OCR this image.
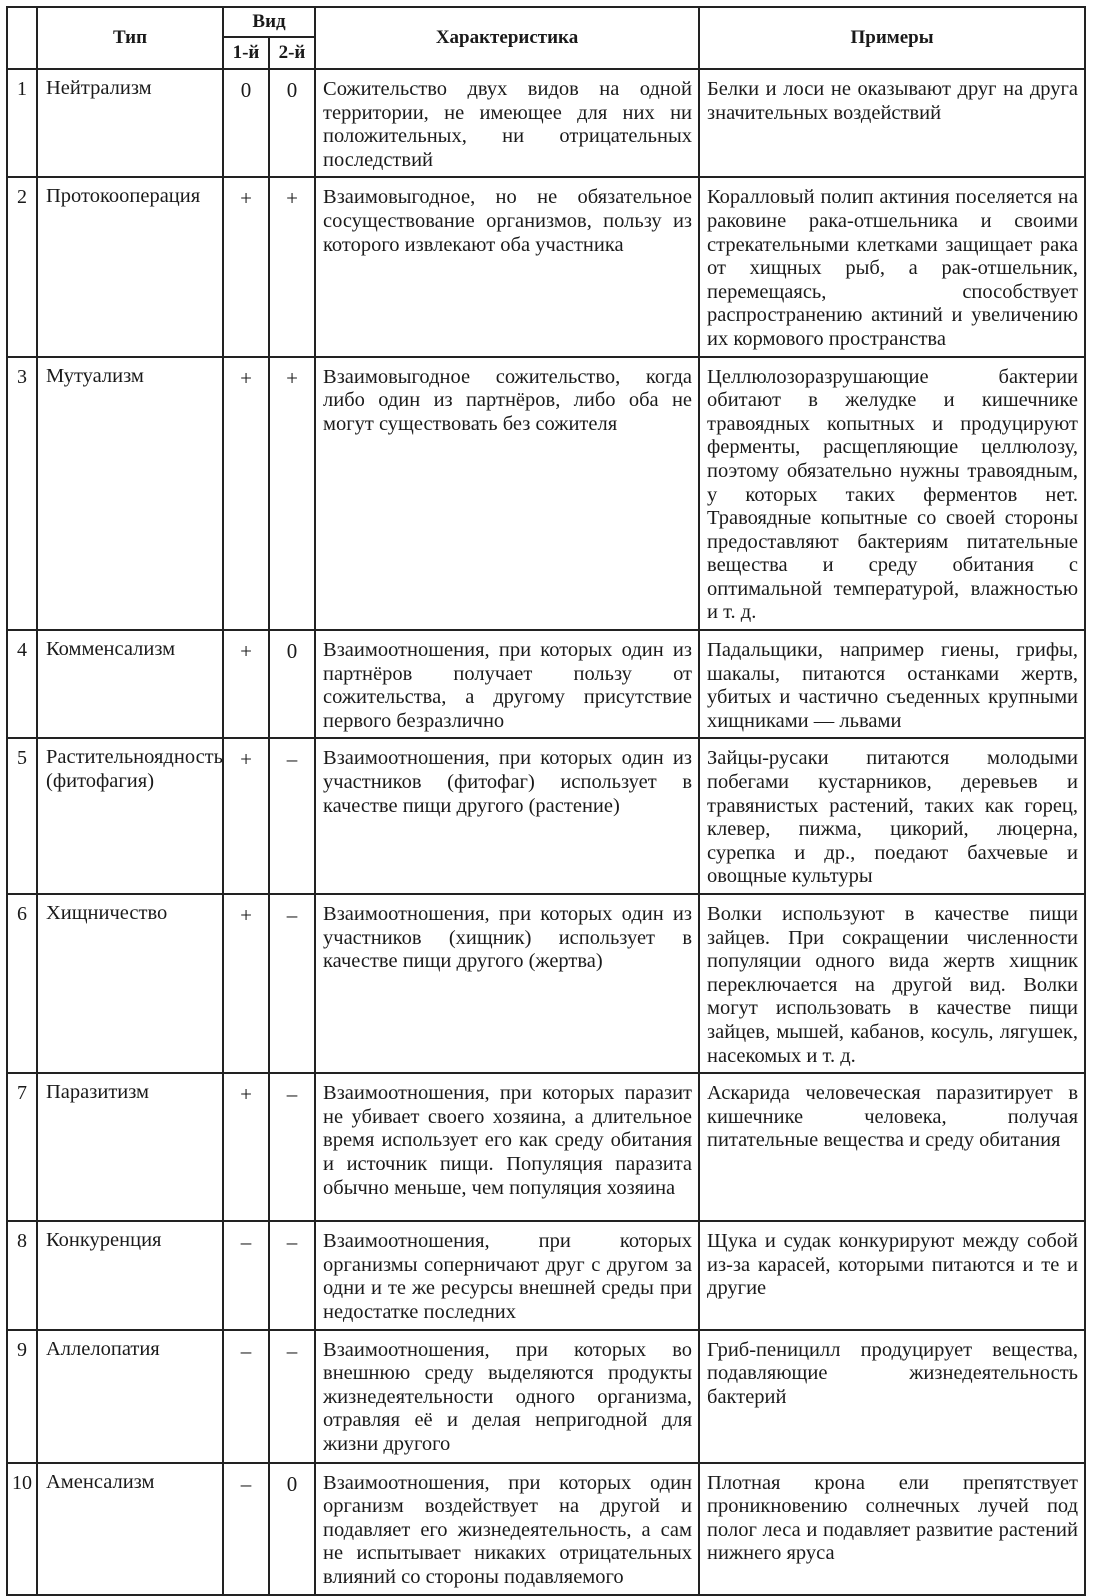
	Тип	Вид		Характеристика	Примеры
		1-й	2-й		
1	Нейтрализм	0	0	Сожительство двух видов на одной территории, не имеющее для них ни положительных, ни отрицательных последствий	Белки и лоси не оказывают друг на друга значительных воздействий
2	Протокооперация	+	+	Взаимовыгодное, но не обязательное сосуществование организмов, пользу из которого извлекают оба участника	Коралловый полип актиния поселяется на раковине рака-отшельника и своими стрекательными клетками защищает рака от хищных рыб, а рак-отшельник, перемещаясь, способствует распространению актиний и увеличению их кормового пространства
3	Мутуализм	+	+	Взаимовыгодное сожительство, когда либо один из партнёров, либо оба не могут существовать без сожителя	Целлюлозоразрушающие бактерии обитают в желудке и кишечнике травоядных копытных и продуцируют ферменты, расщепляющие целлюлозу, поэтому обязательно нужны травоядным, у которых таких ферментов нет. Травоядные копытные со своей стороны предоставляют бактериям питательные вещества и среду обитания с оптимальной температурой, влажностью и т. д.
4	Комменсализм	+	0	Взаимоотношения, при которых один из партнёров получает пользу от сожительства, а другому присутствие первого безразлично	Падальщики, например гиены, грифы, шакалы, питаются останками жертв, убитых и частично съеденных крупными хищниками — львами
5	Растительноядность (фитофагия)	+	–	Взаимоотношения, при которых один из участников (фитофаг) использует в качестве пищи другого (растение)	Зайцы-русаки питаются молодыми побегами кустарников, деревьев и травянистых растений, таких как горец, клевер, пижма, цикорий, люцерна, сурепка и др., поедают бахчевые и овощные культуры
6	Хищничество	+	–	Взаимоотношения, при которых один из участников (хищник) использует в качестве пищи другого (жертва)	Волки используют в качестве пищи зайцев. При сокращении численности популяции одного вида жертв хищник переключается на другой вид. Волки могут использовать в качестве пищи зайцев, мышей, кабанов, косуль, лягушек, насекомых и т. д.
7	Паразитизм	+	–	Взаимоотношения, при которых паразит не убивает своего хозяина, а длительное время использует его как среду обитания и источник пищи. Популяция паразита обычно меньше, чем популяция хозяина	Аскарида человеческая паразитирует в кишечнике человека, получая питательные вещества и среду обитания
8	Конкуренция	–	–	Взаимоотношения, при которых организмы соперничают друг с другом за одни и те же ресурсы внешней среды при недостатке последних	Щука и судак конкурируют между собой из-за карасей, которыми питаются и те и другие
9	Аллелопатия	–	–	Взаимоотношения, при которых во внешнюю среду выделяются продукты жизнедеятельности одного организма, отравляя её и делая непригодной для жизни другого	Гриб-пеницилл продуцирует вещества, подавляющие жизнедеятельность бактерий
10	Аменсализм	–	0	Взаимоотношения, при которых один организм воздействует на другой и подавляет его жизнедеятельность, а сам не испытывает никаких отрицательных влияний со стороны подавляемого	Плотная крона ели препятствует проникновению солнечных лучей под полог леса и подавляет развитие растений нижнего яруса
